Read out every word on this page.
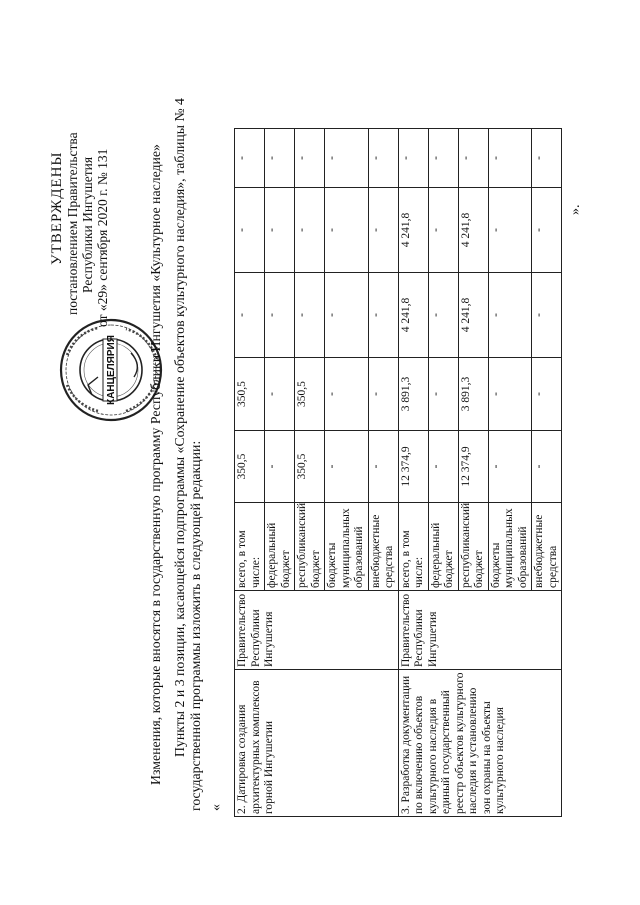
КАНЦЕЛЯРИЯ
УТВЕРЖДЕНЫ постановлением Правительства Республики Ингушетия от «29» сентября 2020 г. № 131	Изменения, которые вносятся в государственную программу Республики Ингушетия «Культурное наследие» Пункты 2 и 3 позиции, касающейся подпрограммы «Сохранение объектов культурного наследия», таблицы № 4 государственной программы изложить в следующей редакции: « 2. Датировка создания архитектурных комплексов горной Ингушетии	Правительство Республики Ингушетия	всего, в том числе:	350,5	350,5	-	-	-
		федеральный бюджет	-	-	-	-	-
		республиканский бюджет	350,5	350,5	-	-	-
		бюджеты муниципальных образований	-	-	-	-	-
		внебюджетные средства	-	-	-	-	-
3. Разработка документации по включению объектов культурного наследия в единый государственный реестр объектов культурного наследия и установлению зон охраны на объекты культурного наследия	Правительство Республики Ингушетия	всего, в том числе:	12 374,9	3 891,3	4 241,8	4 241,8	-
		федеральный бюджет	-	-	-	-	-
		республиканский бюджет	12 374,9	3 891,3	4 241,8	4 241,8	-
		бюджеты муниципальных образований	-	-	-	-	-
		внебюджетные средства	-	-	-	-	-
».
